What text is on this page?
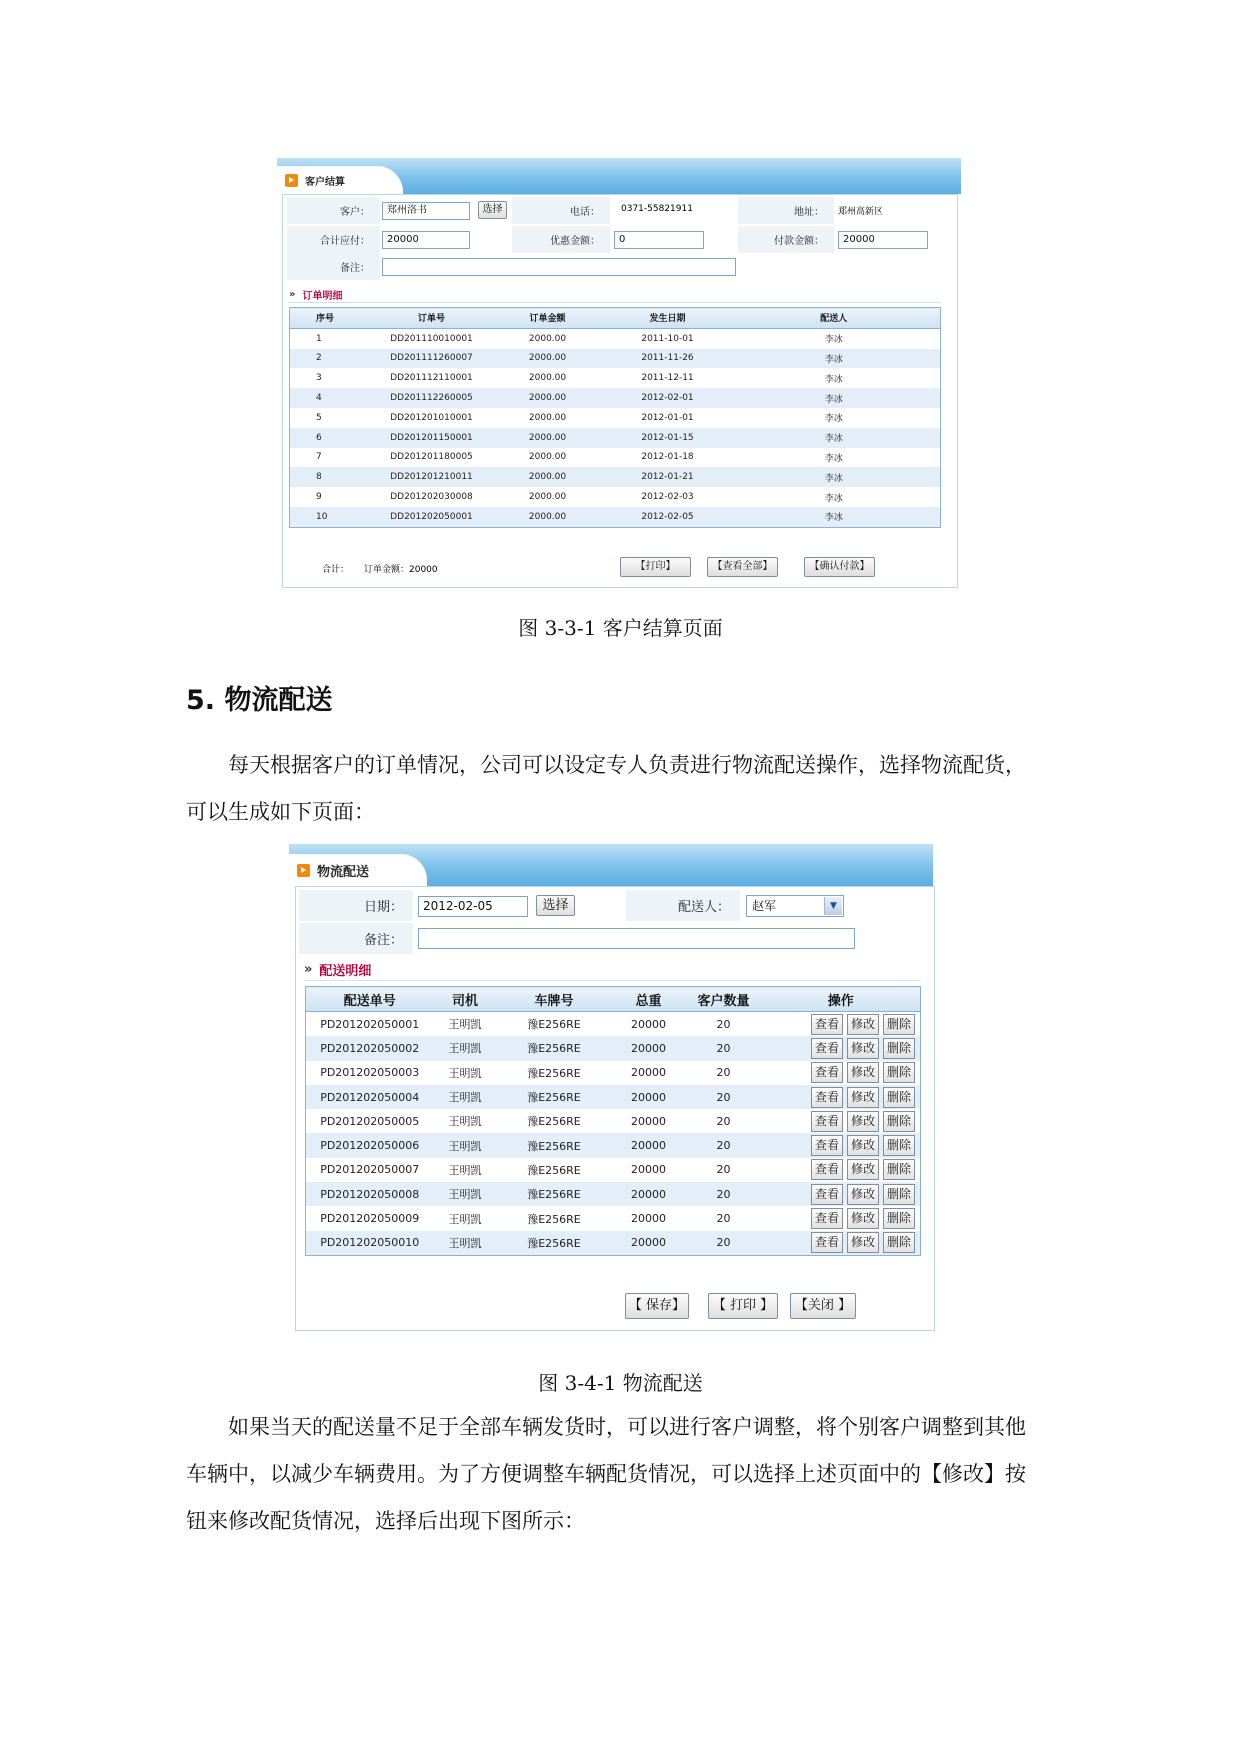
客户结算
客户：	郑州洛书	选择	电话：	0371-55821911	地址：	郑州高新区
合计应付：	20000	优惠金额：	0	付款金额：	20000
备注：
» 订单明细
序号	订单号	订单金额	发生日期	配送人
1	DD201110010001	2000.00	2011-10-01	李冰
2	DD201111260007	2000.00	2011-11-26	李冰
3	DD201112110001	2000.00	2011-12-11	李冰
4	DD201112260005	2000.00	2012-02-01	李冰
5	DD201201010001	2000.00	2012-01-01	李冰
6	DD201201150001	2000.00	2012-01-15	李冰
7	DD201201180005	2000.00	2012-01-18	李冰
8	DD201201210011	2000.00	2012-01-21	李冰
9	DD201202030008	2000.00	2012-02-03	李冰
10	DD201202050001	2000.00	2012-02-05	李冰
合计： 订单金额：20000	【打印】	【查看全部】	【确认付款】
图 3-3-1 客户结算页面
5. 物流配送
每天根据客户的订单情况，公司可以设定专人负责进行物流配送操作，选择物流配货，
可以生成如下页面：
物流配送
日期：	2012-02-05	选择	配送人：	赵军	▼
备注：
» 配送明细
配送单号	司机	车牌号	总重	客户数量	操作
PD201202050001	王明凯	豫E256RE	20000	20	查看 修改 删除
PD201202050002	王明凯	豫E256RE	20000	20	查看 修改 删除
PD201202050003	王明凯	豫E256RE	20000	20	查看 修改 删除
PD201202050004	王明凯	豫E256RE	20000	20	查看 修改 删除
PD201202050005	王明凯	豫E256RE	20000	20	查看 修改 删除
PD201202050006	王明凯	豫E256RE	20000	20	查看 修改 删除
PD201202050007	王明凯	豫E256RE	20000	20	查看 修改 删除
PD201202050008	王明凯	豫E256RE	20000	20	查看 修改 删除
PD201202050009	王明凯	豫E256RE	20000	20	查看 修改 删除
PD201202050010	王明凯	豫E256RE	20000	20	查看 修改 删除
【 保存】	【 打印 】	【关闭 】
图 3-4-1 物流配送
如果当天的配送量不足于全部车辆发货时，可以进行客户调整，将个别客户调整到其他
车辆中，以减少车辆费用。为了方便调整车辆配货情况，可以选择上述页面中的【修改】按
钮来修改配货情况，选择后出现下图所示：
